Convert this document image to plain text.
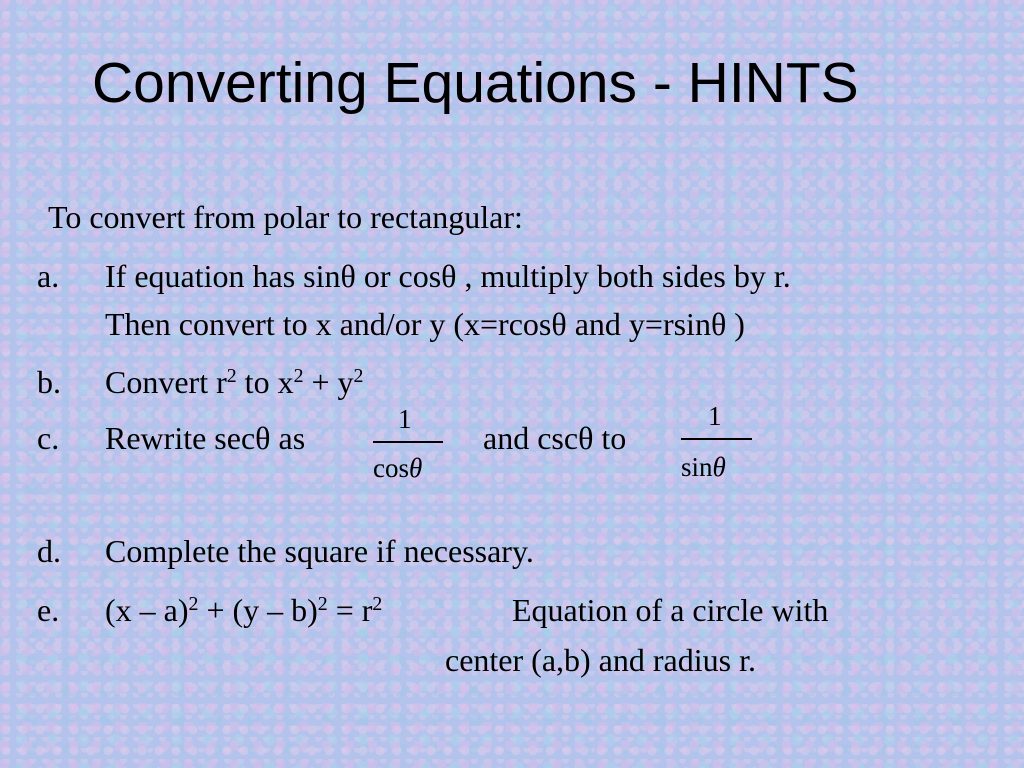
Converting Equations - HINTS
To convert from polar to rectangular:
a. If equation has sinθ or cosθ , multiply both sides by r.
Then convert to x and/or y (x=rcosθ and y=rsinθ )
b. Convert $r^2$ to $x^2 + y^2$
c. Rewrite secθ as	and cscθ to
1
cosθ
1
sinθ
d. Complete the square if necessary.
e. $(x - a)^2 + (y - b)^2 = r^2$	Equation of a circle with
center (a,b) and radius r.
